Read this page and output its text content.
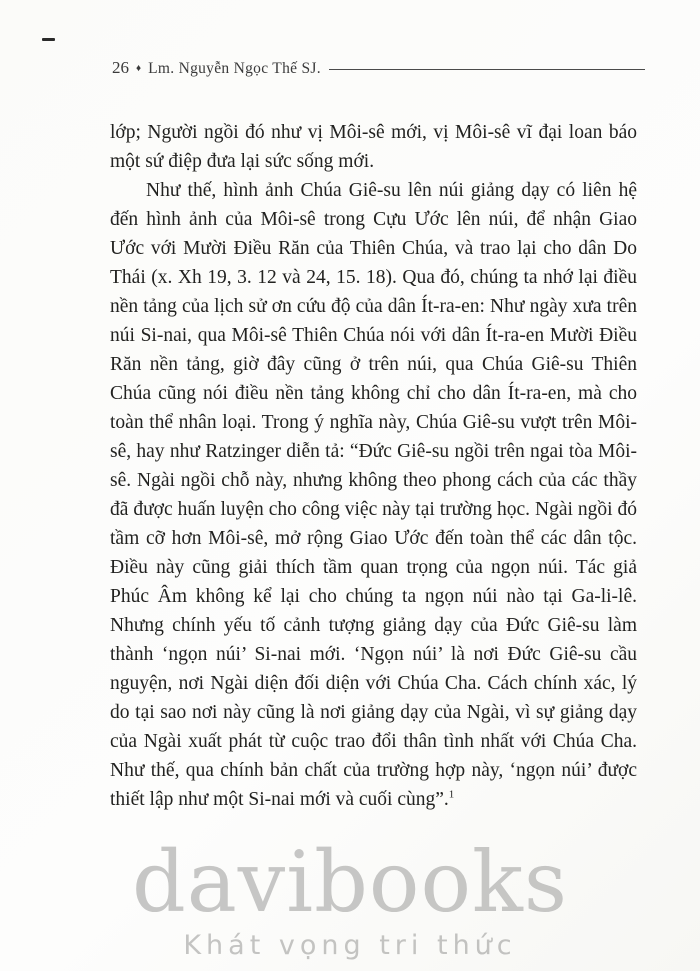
26 ♦ Lm. Nguyễn Ngọc Thế SJ.

lớp; Người ngồi đó như vị Môi-sê mới, vị Môi-sê vĩ đại loan báo một sứ điệp đưa lại sức sống mới.

Như thế, hình ảnh Chúa Giê-su lên núi giảng dạy có liên hệ đến hình ảnh của Môi-sê trong Cựu Ước lên núi, để nhận Giao Ước với Mười Điều Răn của Thiên Chúa, và trao lại cho dân Do Thái (x. Xh 19, 3. 12 và 24, 15. 18). Qua đó, chúng ta nhớ lại điều nền tảng của lịch sử ơn cứu độ của dân Ít-ra-en: Như ngày xưa trên núi Si-nai, qua Môi-sê Thiên Chúa nói với dân Ít-ra-en Mười Điều Răn nền tảng, giờ đây cũng ở trên núi, qua Chúa Giê-su Thiên Chúa cũng nói điều nền tảng không chỉ cho dân Ít-ra-en, mà cho toàn thể nhân loại. Trong ý nghĩa này, Chúa Giê-su vượt trên Môi-sê, hay như Ratzinger diễn tả: “Đức Giê-su ngồi trên ngai tòa Môi-sê. Ngài ngồi chỗ này, nhưng không theo phong cách của các thầy đã được huấn luyện cho công việc này tại trường học. Ngài ngồi đó tầm cỡ hơn Môi-sê, mở rộng Giao Ước đến toàn thể các dân tộc. Điều này cũng giải thích tầm quan trọng của ngọn núi. Tác giả Phúc Âm không kể lại cho chúng ta ngọn núi nào tại Ga-li-lê. Nhưng chính yếu tố cảnh tượng giảng dạy của Đức Giê-su làm thành ‘ngọn núi’ Si-nai mới. ‘Ngọn núi’ là nơi Đức Giê-su cầu nguyện, nơi Ngài diện đối diện với Chúa Cha. Cách chính xác, lý do tại sao nơi này cũng là nơi giảng dạy của Ngài, vì sự giảng dạy của Ngài xuất phát từ cuộc trao đổi thân tình nhất với Chúa Cha. Như thế, qua chính bản chất của trường hợp này, ‘ngọn núi’ được thiết lập như một Si-nai mới và cuối cùng”.$^1$

davibooks
Khát vọng tri thức
